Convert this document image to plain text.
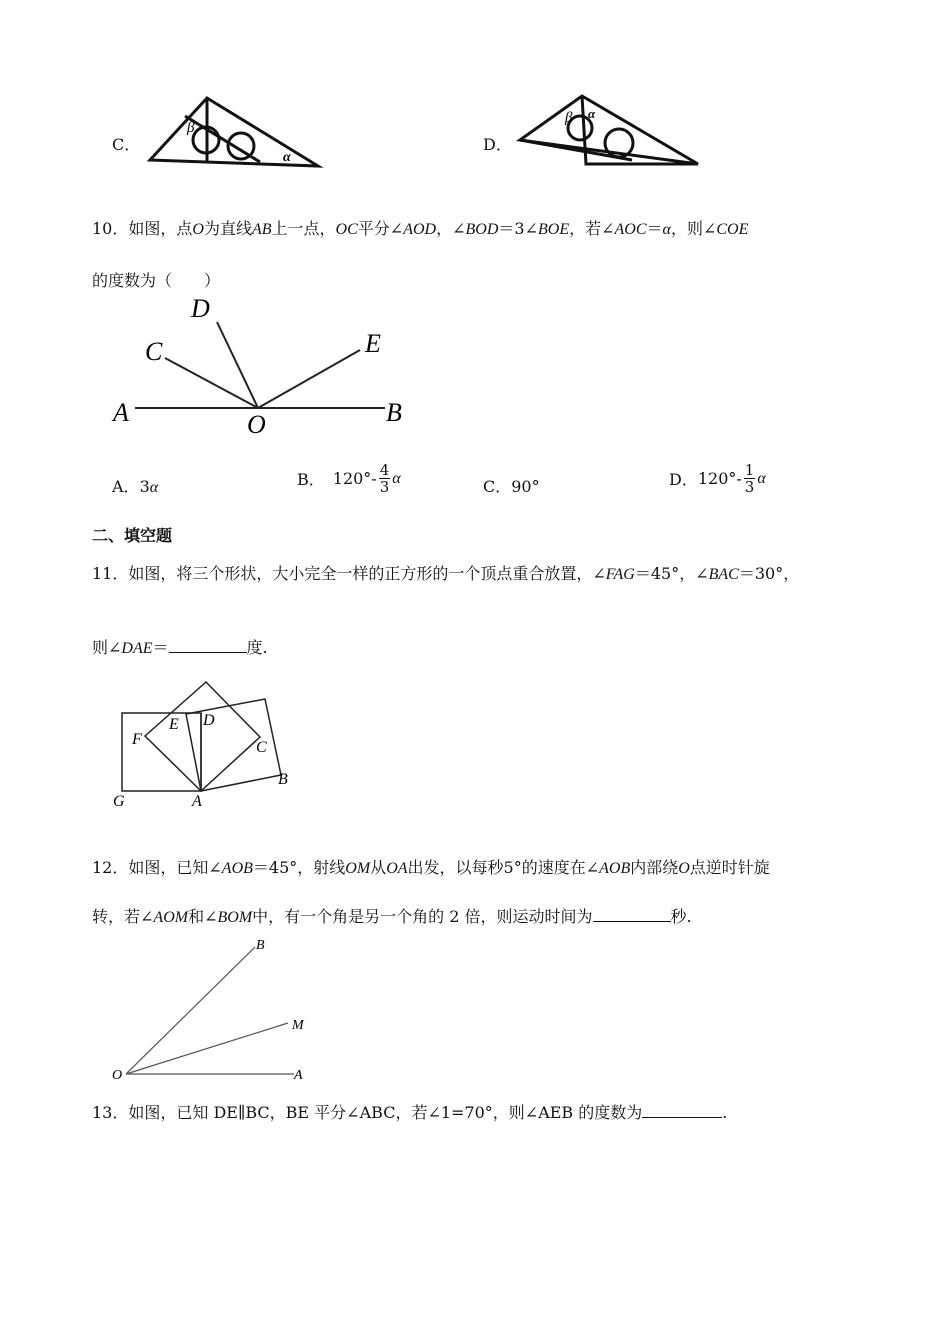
C．
β
α
D．
β α
10．如图，点O为直线AB上一点，OC平分∠AOD，∠BOD＝3∠BOE，若∠AOC＝α，则∠COE
的度数为（　　）
D
C	E
A	O	B
A．3α	B． $120^\circ- \frac{4}{3}$ α	C．90°	D． $120^\circ- \frac{1}{3}$ α
二、填空题
11．如图，将三个形状，大小完全一样的正方形的一个顶点重合放置，∠FAG＝45°，∠BAC＝30°，
则∠DAE＝	度.
E D
F	C
B
G	A
12．如图，已知∠AOB＝45°，射线OM从OA出发，以每秒5°的速度在∠AOB内部绕O点逆时针旋
转，若∠AOM和∠BOM中，有一个角是另一个角的 2 倍，则运动时间为	秒.
B
M
O	A
13．如图，已知 DE∥BC，BE 平分∠ABC，若∠1=70°，则∠AEB 的度数为	.
